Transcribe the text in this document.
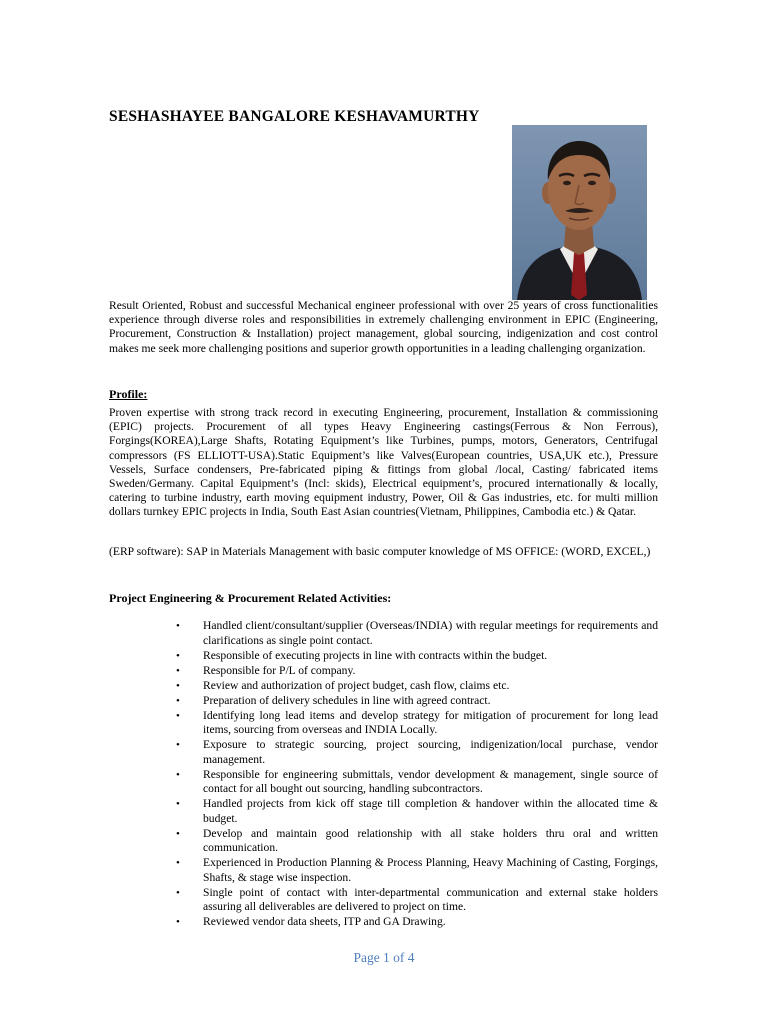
SESHASHAYEE BANGALORE KESHAVAMURTHY

Result Oriented, Robust and successful Mechanical engineer professional with over 25 years of cross functionalities experience through diverse roles and responsibilities in extremely challenging environment in EPIC (Engineering, Procurement, Construction & Installation) project management, global sourcing, indigenization and cost control makes me seek more challenging positions and superior growth opportunities in a leading challenging organization.

Profile:

Proven expertise with strong track record in executing Engineering, procurement, Installation & commissioning (EPIC) projects. Procurement of all types Heavy Engineering castings(Ferrous & Non Ferrous), Forgings(KOREA),Large Shafts, Rotating Equipment’s like Turbines, pumps, motors, Generators, Centrifugal compressors (FS ELLIOTT-USA).Static Equipment’s like Valves(European countries, USA,UK etc.), Pressure Vessels, Surface condensers, Pre-fabricated piping & fittings from global /local, Casting/ fabricated items Sweden/Germany. Capital Equipment’s (Incl: skids), Electrical equipment’s, procured internationally & locally, catering to turbine industry, earth moving equipment industry, Power, Oil & Gas industries, etc. for multi million dollars turnkey EPIC projects in India, South East Asian countries(Vietnam, Philippines, Cambodia etc.) & Qatar.

(ERP software): SAP in Materials Management with basic computer knowledge of MS OFFICE: (WORD, EXCEL,)

Project Engineering & Procurement Related Activities:
•	Handled client/consultant/supplier (Overseas/INDIA) with regular meetings for requirements and clarifications as single point contact.
•	Responsible of executing projects in line with contracts within the budget.
•	Responsible for P/L of company.
•	Review and authorization of project budget, cash flow, claims etc.
•	Preparation of delivery schedules in line with agreed contract.
•	Identifying long lead items and develop strategy for mitigation of procurement for long lead items, sourcing from overseas and INDIA Locally.
•	Exposure to strategic sourcing, project sourcing, indigenization/local purchase, vendor management.
•	Responsible for engineering submittals, vendor development & management, single source of contact for all bought out sourcing, handling subcontractors.
•	Handled projects from kick off stage till completion & handover within the allocated time & budget.
•	Develop and maintain good relationship with all stake holders thru oral and written communication.
•	Experienced in Production Planning & Process Planning, Heavy Machining of Casting, Forgings, Shafts, & stage wise inspection.
•	Single point of contact with inter-departmental communication and external stake holders assuring all deliverables are delivered to project on time.
•	Reviewed vendor data sheets, ITP and GA Drawing.
Page 1 of 4
